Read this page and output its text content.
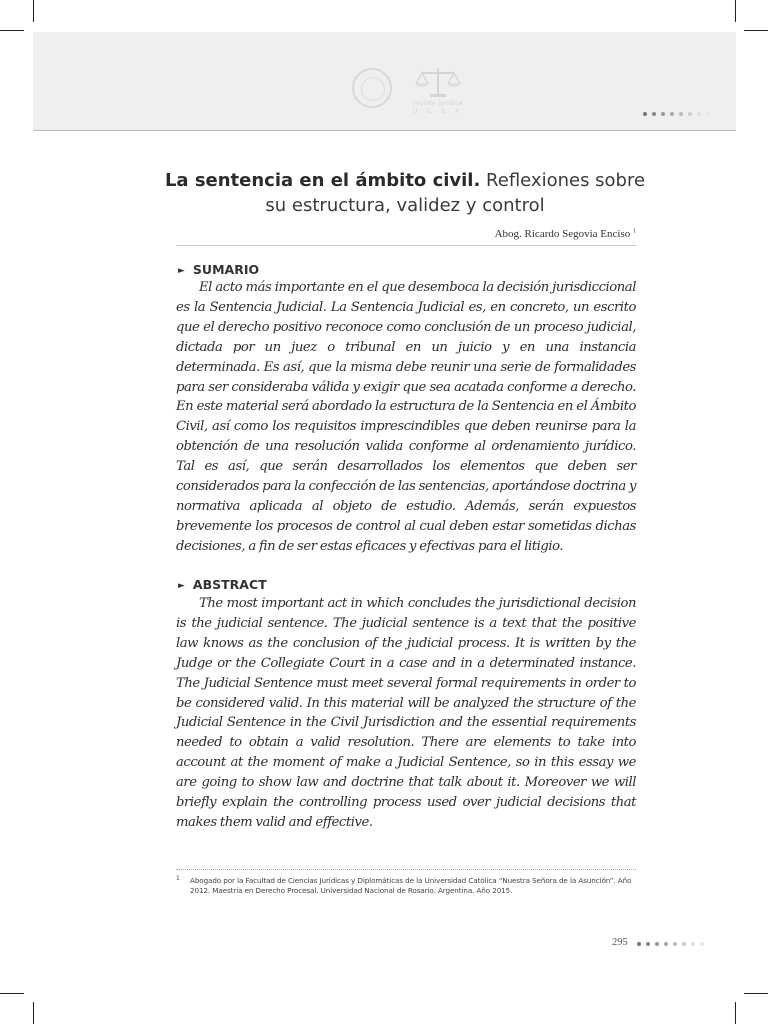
revista jurídica
U C S A
La sentencia en el ámbito civil. Reflexiones sobre su estructura, validez y control
Abog. Ricardo Segovia Enciso $^1$
► SUMARIO

El acto más importante en el que desemboca la decisión jurisdiccional es la Sentencia Judicial. La Sentencia Judicial es, en concreto, un escrito que el derecho positivo reconoce como conclusión de un proceso judicial, dictada por un juez o tribunal en un juicio y en una instancia determinada. Es así, que la misma debe reunir una serie de formalidades para ser consideraba válida y exigir que sea acatada conforme a derecho. En este material será abordado la estructura de la Sentencia en el Ámbito Civil, así como los requisitos imprescindibles que deben reunirse para la obtención de una resolución valida conforme al ordenamiento jurídico. Tal es así, que serán desarrollados los elementos que deben ser considerados para la confección de las sentencias, aportándose doctrina y normativa aplicada al objeto de estudio. Además, serán expuestos brevemente los procesos de control al cual deben estar sometidas dichas decisiones, a fin de ser estas eficaces y efectivas para el litigio.

► ABSTRACT

The most important act in which concludes the jurisdictional decision is the judicial sentence. The judicial sentence is a text that the positive law knows as the conclusion of the judicial process. It is written by the Judge or the Collegiate Court in a case and in a determinated instance. The Judicial Sentence must meet several formal requirements in order to be considered valid. In this material will be analyzed the structure of the Judicial Sentence in the Civil Jurisdiction and the essential requirements needed to obtain a valid resolution. There are elements to take into account at the moment of make a Judicial Sentence, so in this essay we are going to show law and doctrine that talk about it. Moreover we will briefly explain the controlling process used over judicial decisions that makes them valid and effective.

1 Abogado por la Facultad de Ciencias Jurídicas y Diplomáticas de la Universidad Católica “Nuestra Señora de la Asunción”. Año 2012. Maestría en Derecho Procesal. Universidad Nacional de Rosario. Argentina. Año 2015.
295
